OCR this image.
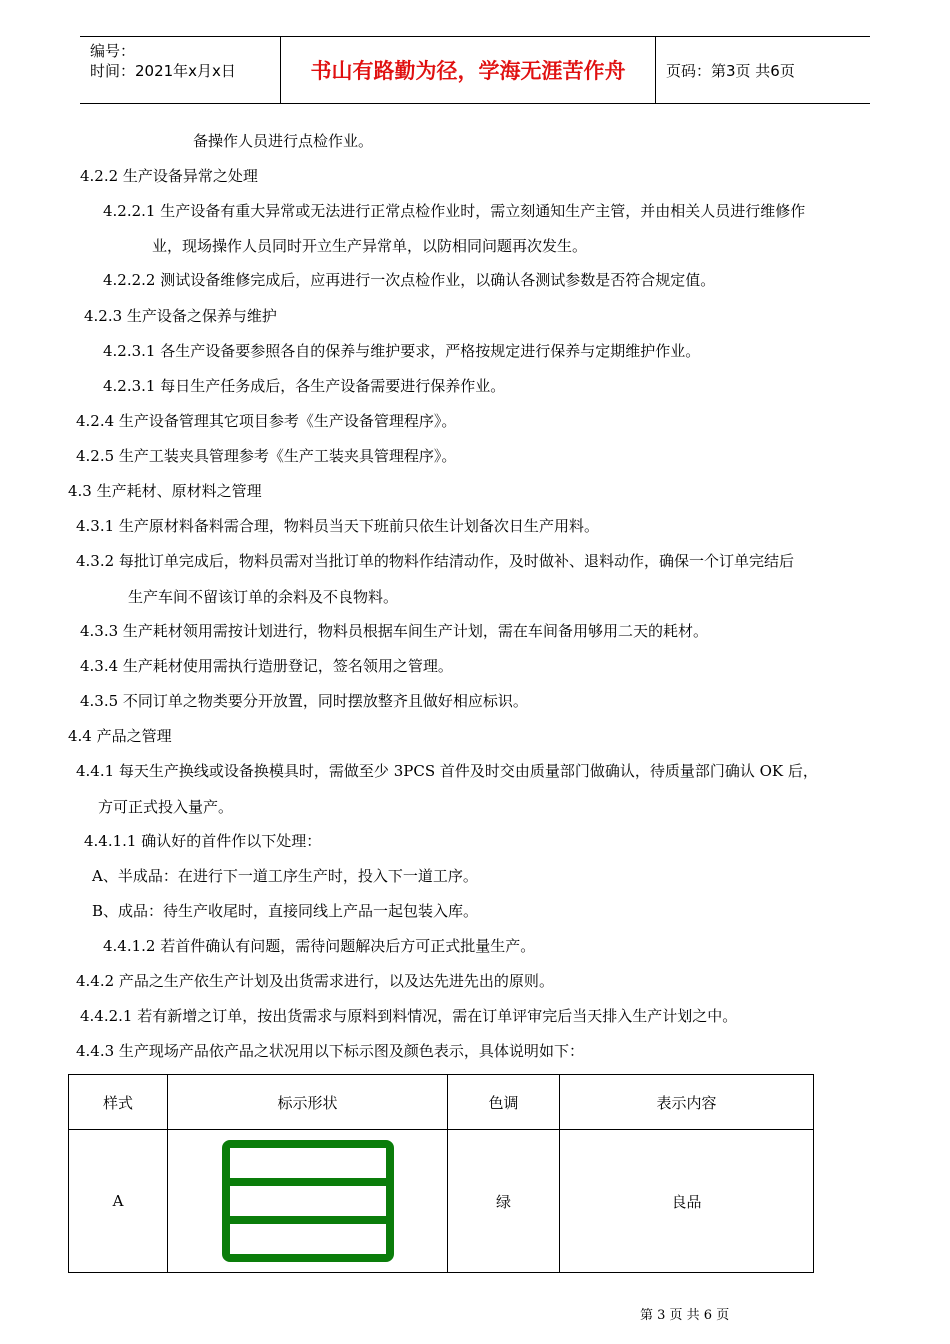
编号：
时间：2021年x月x日	书山有路勤为径，学海无涯苦作舟	页码：第3页 共6页
备操作人员进行点检作业。
4.2.2 生产设备异常之处理
4.2.2.1 生产设备有重大异常或无法进行正常点检作业时，需立刻通知生产主管，并由相关人员进行维修作
业，现场操作人员同时开立生产异常单，以防相同问题再次发生。
4.2.2.2 测试设备维修完成后，应再进行一次点检作业，以确认各测试参数是否符合规定值。
4.2.3 生产设备之保养与维护
4.2.3.1 各生产设备要参照各自的保养与维护要求，严格按规定进行保养与定期维护作业。
4.2.3.1 每日生产任务成后，各生产设备需要进行保养作业。
4.2.4 生产设备管理其它项目参考《生产设备管理程序》。
4.2.5 生产工装夹具管理参考《生产工装夹具管理程序》。
4.3 生产耗材、原材料之管理
4.3.1 生产原材料备料需合理，物料员当天下班前只依生计划备次日生产用料。
4.3.2 每批订单完成后，物料员需对当批订单的物料作结清动作，及时做补、退料动作，确保一个订单完结后
生产车间不留该订单的余料及不良物料。
4.3.3 生产耗材领用需按计划进行，物料员根据车间生产计划，需在车间备用够用二天的耗材。
4.3.4 生产耗材使用需执行造册登记，签名领用之管理。
4.3.5 不同订单之物类要分开放置，同时摆放整齐且做好相应标识。
4.4 产品之管理
4.4.1 每天生产换线或设备换模具时，需做至少 3PCS 首件及时交由质量部门做确认，待质量部门确认 OK 后，
方可正式投入量产。
4.4.1.1 确认好的首件作以下处理：
A、半成品：在进行下一道工序生产时，投入下一道工序。
B、成品：待生产收尾时，直接同线上产品一起包装入库。
4.4.1.2 若首件确认有问题，需待问题解决后方可正式批量生产。
4.4.2 产品之生产依生产计划及出货需求进行，以及达先进先出的原则。
4.4.2.1 若有新增之订单，按出货需求与原料到料情况，需在订单评审完后当天排入生产计划之中。
4.4.3 生产现场产品依产品之状况用以下标示图及颜色表示，具体说明如下：
样式	标示形状	色调	表示内容
A		绿	良品
第 3 页 共 6 页
